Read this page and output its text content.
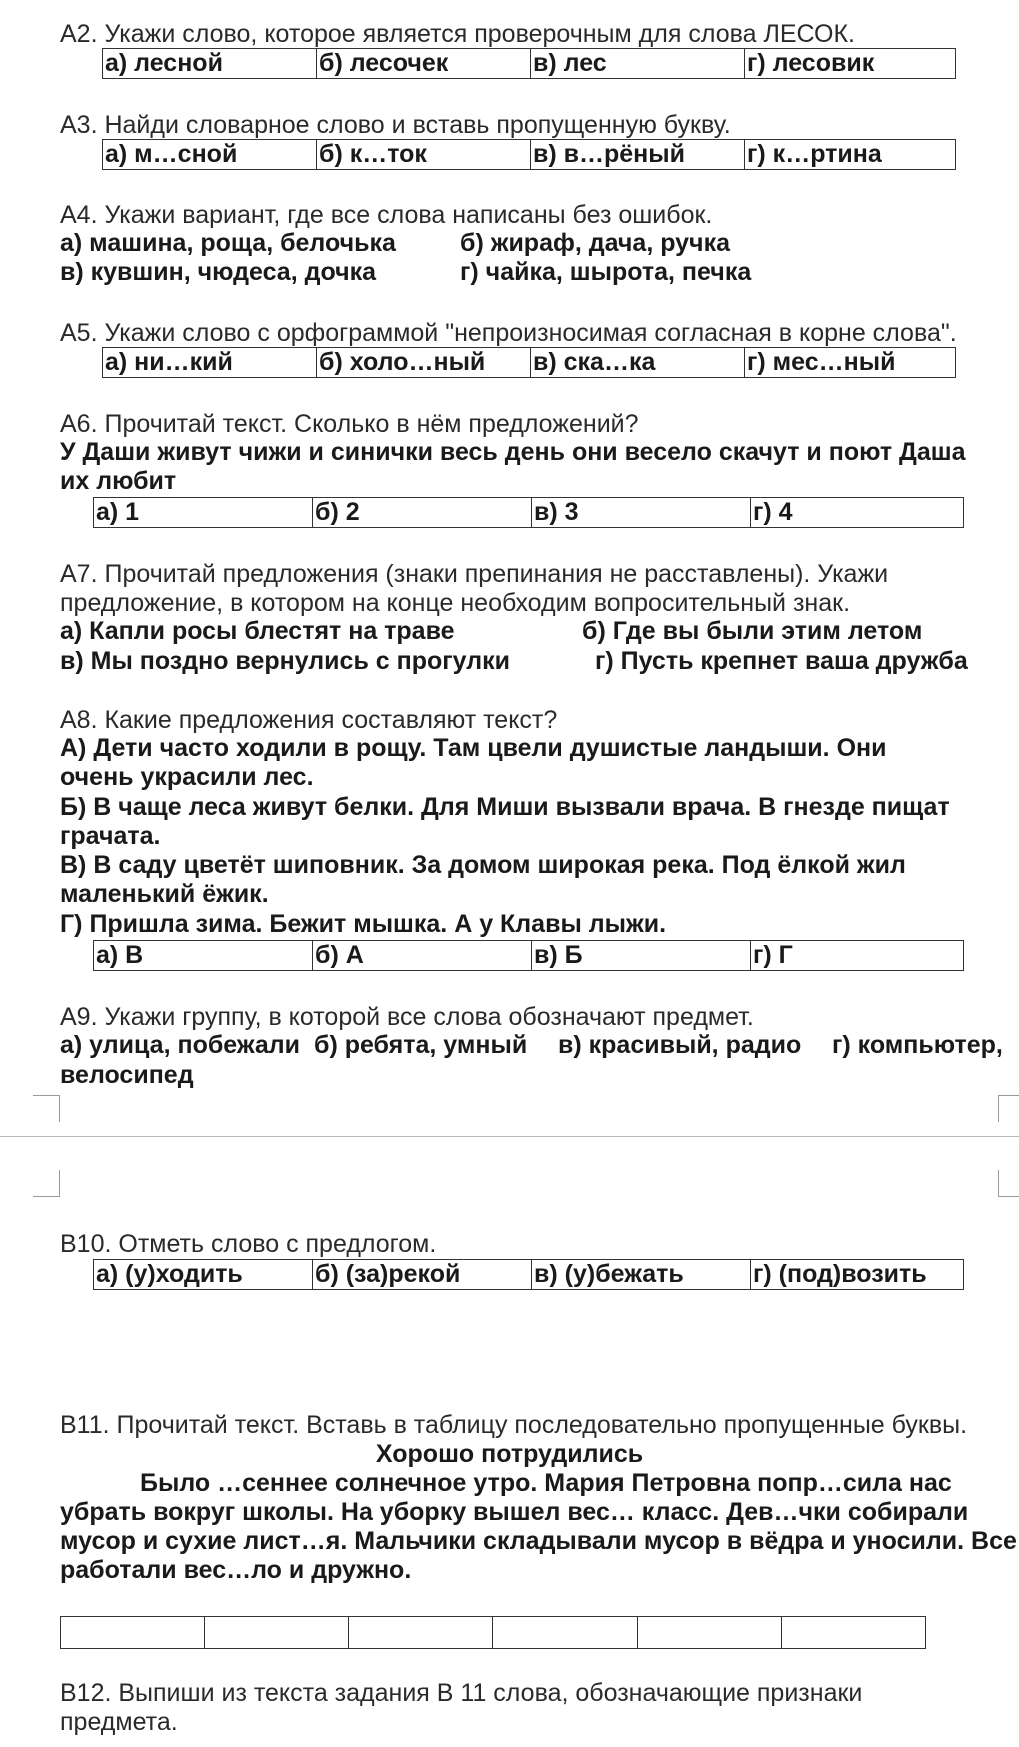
А2. Укажи слово, которое является проверочным для слова ЛЕСОК.
а) лесной	б) лесочек	в) лес	г) лесовик
А3. Найди словарное слово и вставь пропущенную букву.
а) м…сной	б) к…ток	в) в…рёный	г) к…ртина
А4. Укажи вариант, где все слова написаны без ошибок.
а) машина, роща, белочька	б) жираф, дача, ручка
в) кувшин, чюдеса, дочка	г) чайка, шырота, печка
А5. Укажи слово с орфограммой "непроизносимая согласная в корне слова".
а) ни…кий	б) холо…ный	в) ска…ка	г) мес…ный
А6. Прочитай текст. Сколько в нём предложений?
У Даши живут чижи и синички весь день они весело скачут и поют Даша их любит
а) 1	б) 2	в) 3	г) 4
А7. Прочитай предложения (знаки препинания не расставлены). Укажи
предложение, в котором на конце необходим вопросительный знак.
а) Капли росы блестят на траве	б) Где вы были этим летом
в) Мы поздно вернулись с прогулки	г) Пусть крепнет ваша дружба
А8. Какие предложения составляют текст?
А) Дети часто ходили в рощу. Там цвели душистые ландыши. Они очень украсили лес.
Б) В чаще леса живут белки. Для Миши вызвали врача. В гнезде пищат грачата.
В) В саду цветёт шиповник. За домом широкая река. Под ёлкой жил маленький ёжик.
Г) Пришла зима. Бежит мышка. А у Клавы лыжи.
а) В	б) А	в) Б	г) Г
А9. Укажи группу, в которой все слова обозначают предмет.
а) улица, побежали б) ребята, умный в) красивый, радио г) компьютер,
велосипед
В10. Отметь слово с предлогом.
а) (у)ходить	б) (за)рекой	в) (у)бежать	г) (под)возить
В11. Прочитай текст. Вставь в таблицу последовательно пропущенные буквы.
Хорошо потрудились
Было …сеннее солнечное утро. Мария Петровна попр…сила нас
убрать вокруг школы. На уборку вышел вес… класс. Дев…чки собирали
мусор и сухие лист…я. Мальчики складывали мусор в вёдра и уносили. Все
работали вес…ло и дружно.

В12. Выпиши из текста задания В 11 слова, обозначающие признаки
предмета.
